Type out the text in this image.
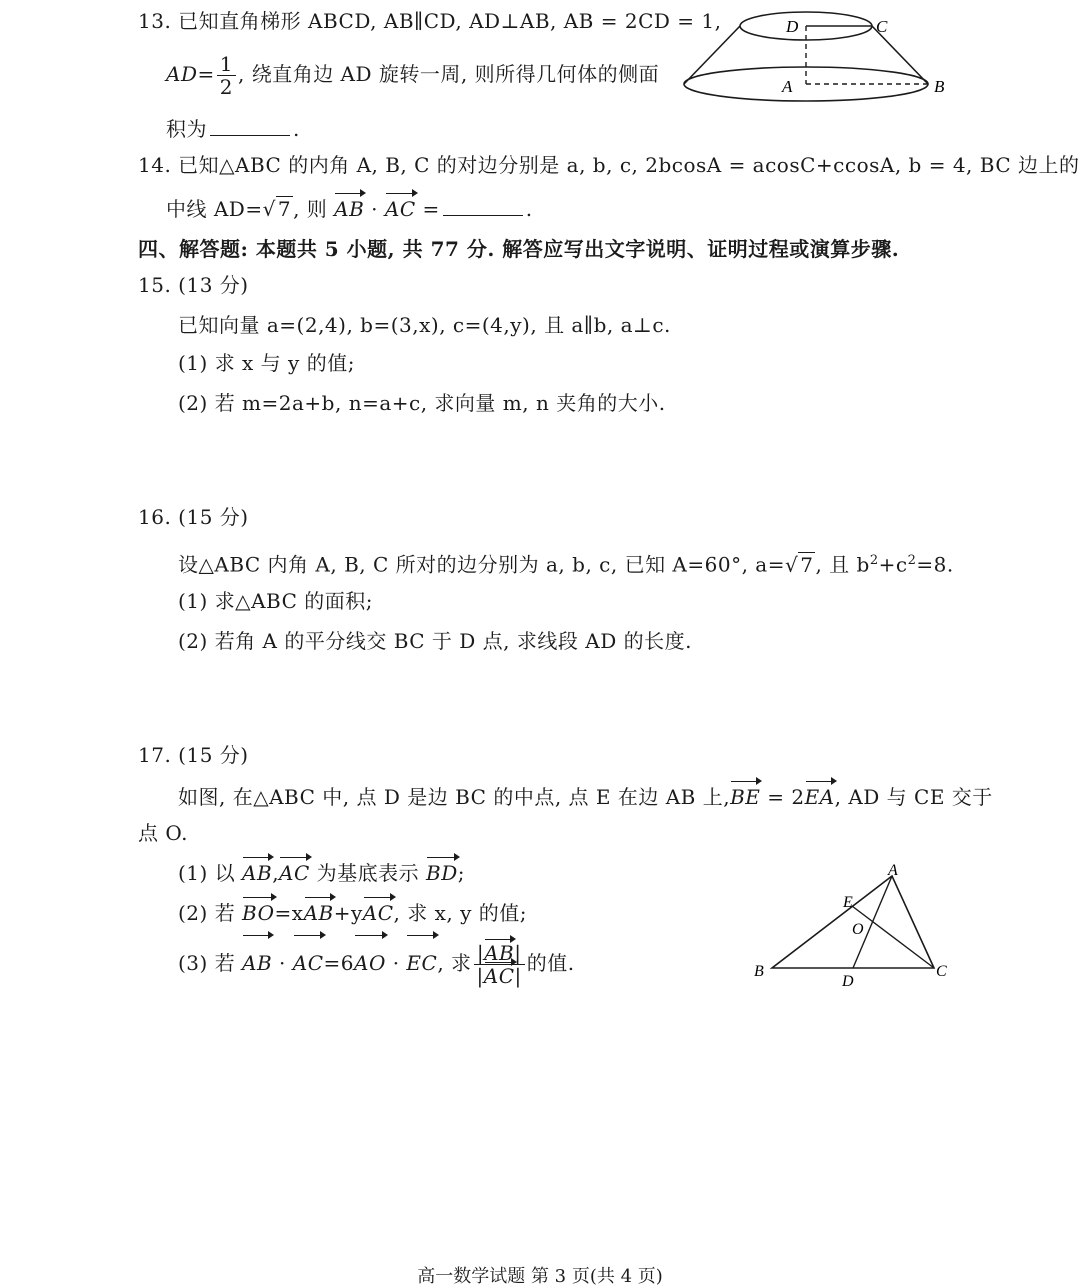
13. 已知直角梯形 ABCD, AB∥CD, AD⊥AB, AB = 2CD = 1,
$AD= \frac{1}{2}$ , 绕直角边 AD 旋转一周, 则所得几何体的侧面
积为	.
D	C
A	B
14. 已知△ABC 的内角 A, B, C 的对边分别是 a, b, c, 2bcosA = acosC+ccosA, b = 4, BC 边上的
中线 AD=√ 7 , 则 AB · AC =	.
四、解答题: 本题共 5 小题, 共 77 分. 解答应写出文字说明、证明过程或演算步骤.
15. (13 分)
已知向量 a=(2,4), b=(3,x), c=(4,y), 且 a∥b, a⊥c.
(1) 求 x 与 y 的值;
(2) 若 m=2a+b, n=a+c, 求向量 m, n 夹角的大小.
16. (15 分)
设△ABC 内角 A, B, C 所对的边分别为 a, b, c, 已知 A=60°, a=√ 7 , 且 $b^2+c^2=8$.
(1) 求△ABC 的面积;
(2) 若角 A 的平分线交 BC 于 D 点, 求线段 AD 的长度.
17. (15 分)
如图, 在△ABC 中, 点 D 是边 BC 的中点, 点 E 在边 AB 上,BE = 2EA, AD 与 CE 交于
点 O.
(1) 以 AB,AC 为基底表示 BD;
(2) 若 BO=xAB+yAC, 求 x, y 的值;
(3) 若 AB · AC=6AO · EC, 求 $\frac{|AB|}{|AC|}$ 的值.
A
E
O
B
D
C
高一数学试题 第 3 页(共 4 页)
